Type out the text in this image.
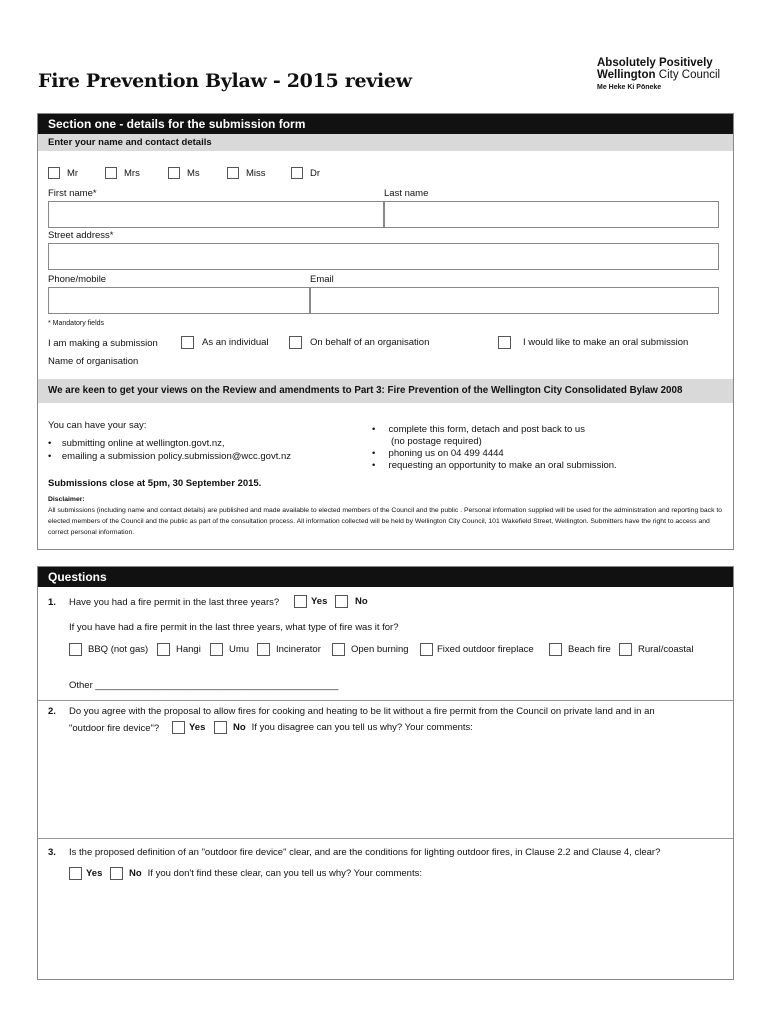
Fire Prevention Bylaw - 2015 review
Absolutely Positively
Wellington City Council
Me Heke Ki Pōneke
Section one - details for the submission form
Enter your name and contact details
Mr	Mrs	Ms	Miss	Dr
First name*	Last name
Street address*
Phone/mobile	Email
* Mandatory fields
I am making a submission	As an individual	On behalf of an organisation	I would like to make an oral submission
Name of organisation
We are keen to get your views on the Review and amendments to Part 3: Fire Prevention of the Wellington City Consolidated Bylaw 2008
You can have your say:
•    submitting online at wellington.govt.nz,
•    emailing a submission policy.submission@wcc.govt.nz
•     complete this form, detach and post back to us
(no postage required)
•     phoning us on 04 499 4444
•     requesting an opportunity to make an oral submission.
Submissions close at 5pm, 30 September 2015.
Disclaimer:
All submissions (including name and contact details) are published and made available to elected members of the Council and the public . Personal information supplied will be used for the administration and reporting back to elected members of the Council and the public as part of the consultation process. All information collected will be held by Wellington City Council, 101 Wakefield Street, Wellington. Submitters have the right to access and correct personal information.
Questions
1. Have you had a fire permit in the last three years?	Yes	No
If you have had a fire permit in the last three years, what type of fire was it for?
BBQ (not gas)	Hangi	Umu	Incinerator	Open burning	Fixed outdoor fireplace	Beach fire	Rural/coastal
Other ______________________________________________
2. Do you agree with the proposal to allow fires for cooking and heating to be lit without a fire permit from the Council on private land and in an
"outdoor fire device"?	Yes	No If you disagree can you tell us why? Your comments:
3. Is the proposed definition of an "outdoor fire device" clear, and are the conditions for lighting outdoor fires, in Clause 2.2 and Clause 4, clear?
Yes	No If you don't find these clear, can you tell us why? Your comments:
